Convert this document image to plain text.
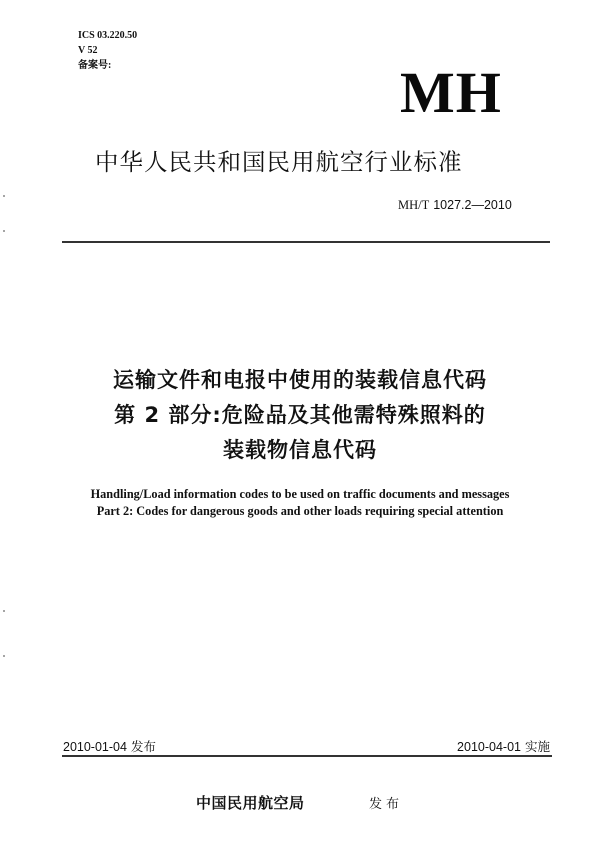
ICS 03.220.50
V 52
备案号:	MH
中华人民共和国民用航空行业标准
MH/T 1027.2—2010
运输文件和电报中使用的装载信息代码
第 2 部分:危险品及其他需特殊照料的
装载物信息代码
Handling/Load information codes to be used on traffic documents and messages
Part 2: Codes for dangerous goods and other loads requiring special attention
2010-01-04 发布	2010-04-01 实施
中国民用航空局	发布
